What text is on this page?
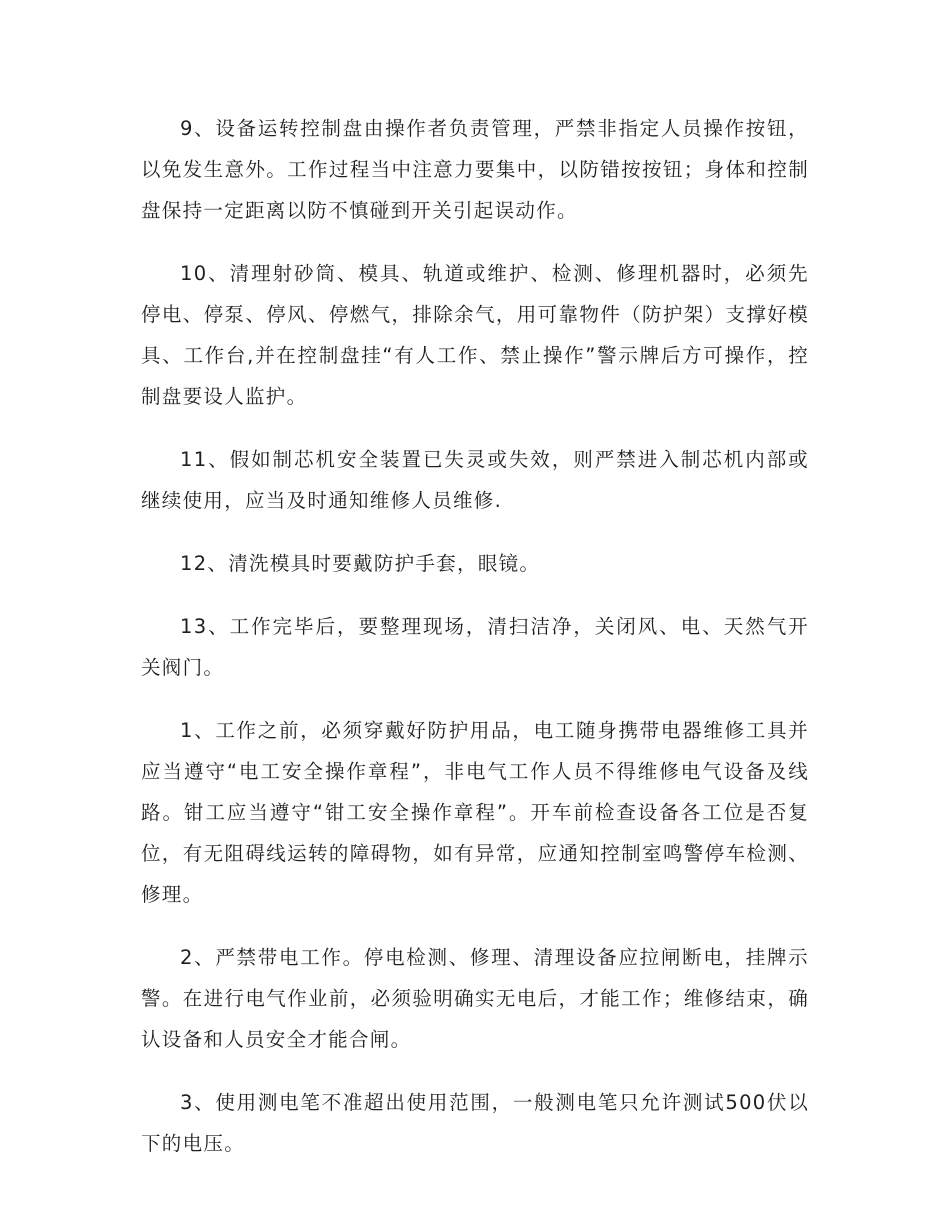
9、设备运转控制盘由操作者负责管理，严禁非指定人员操作按钮，以免发生意外。工作过程当中注意力要集中，以防错按按钮；身体和控制盘保持一定距离以防不慎碰到开关引起误动作。

10、清理射砂筒、模具、轨道或维护、检测、修理机器时，必须先停电、停泵、停风、停燃气，排除余气，用可靠物件（防护架）支撑好模具、工作台,并在控制盘挂“有人工作、禁止操作”警示牌后方可操作，控制盘要设人监护。

11、假如制芯机安全装置已失灵或失效，则严禁进入制芯机内部或继续使用，应当及时通知维修人员维修.

12、清洗模具时要戴防护手套，眼镜。

13、工作完毕后，要整理现场，清扫洁净，关闭风、电、天然气开关阀门。

1、工作之前，必须穿戴好防护用品，电工随身携带电器维修工具并应当遵守“电工安全操作章程”，非电气工作人员不得维修电气设备及线路。钳工应当遵守“钳工安全操作章程”。开车前检查设备各工位是否复位，有无阻碍线运转的障碍物，如有异常，应通知控制室鸣警停车检测、修理。

2、严禁带电工作。停电检测、修理、清理设备应拉闸断电，挂牌示警。在进行电气作业前，必须验明确实无电后，才能工作；维修结束，确认设备和人员安全才能合闸。

3、使用测电笔不准超出使用范围，一般测电笔只允许测试500伏以下的电压。
